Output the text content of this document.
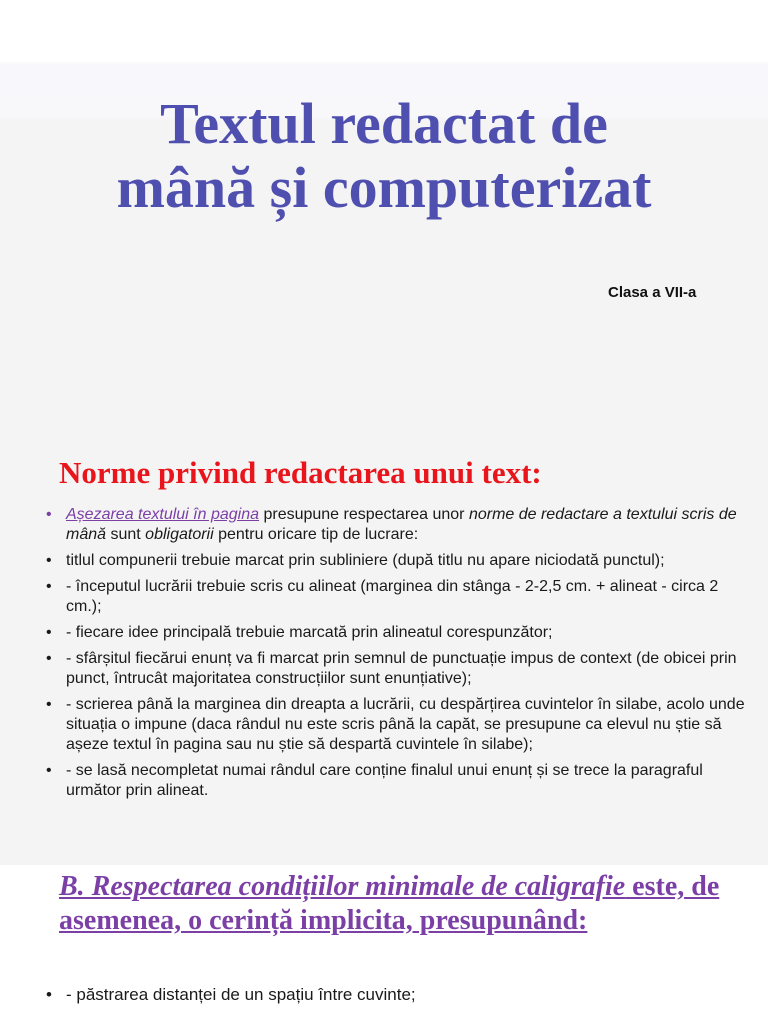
Textul redactat de
mână și computerizat
Clasa a VII-a
Norme privind redactarea unui text:
• Așezarea textului în pagina presupune respectarea unor norme de redactare a textului scris de mână sunt obligatorii pentru oricare tip de lucrare:
• titlul compunerii trebuie marcat prin subliniere (după titlu nu apare niciodată punctul);
• - începutul lucrării trebuie scris cu alineat (marginea din stânga - 2-2,5 cm. + alineat - circa 2 cm.);
• - fiecare idee principală trebuie marcată prin alineatul corespunzător;
• - sfârșitul fiecărui enunț va fi marcat prin semnul de punctuație impus de context (de obicei prin punct, întrucât majoritatea construcțiilor sunt enunțiative);
• - scrierea până la marginea din dreapta a lucrării, cu despărțirea cuvintelor în silabe, acolo unde situația o impune (daca rândul nu este scris până la capăt, se presupune ca elevul nu știe să așeze textul în pagina sau nu știe să despartă cuvintele în silabe);
• - se lasă necompletat numai rândul care conține finalul unui enunț și se trece la paragraful următor prin alineat.
B. Respectarea condițiilor minimale de caligrafie este, de asemenea, o cerință implicita, presupunând:
• - păstrarea distanței de un spațiu între cuvinte;
